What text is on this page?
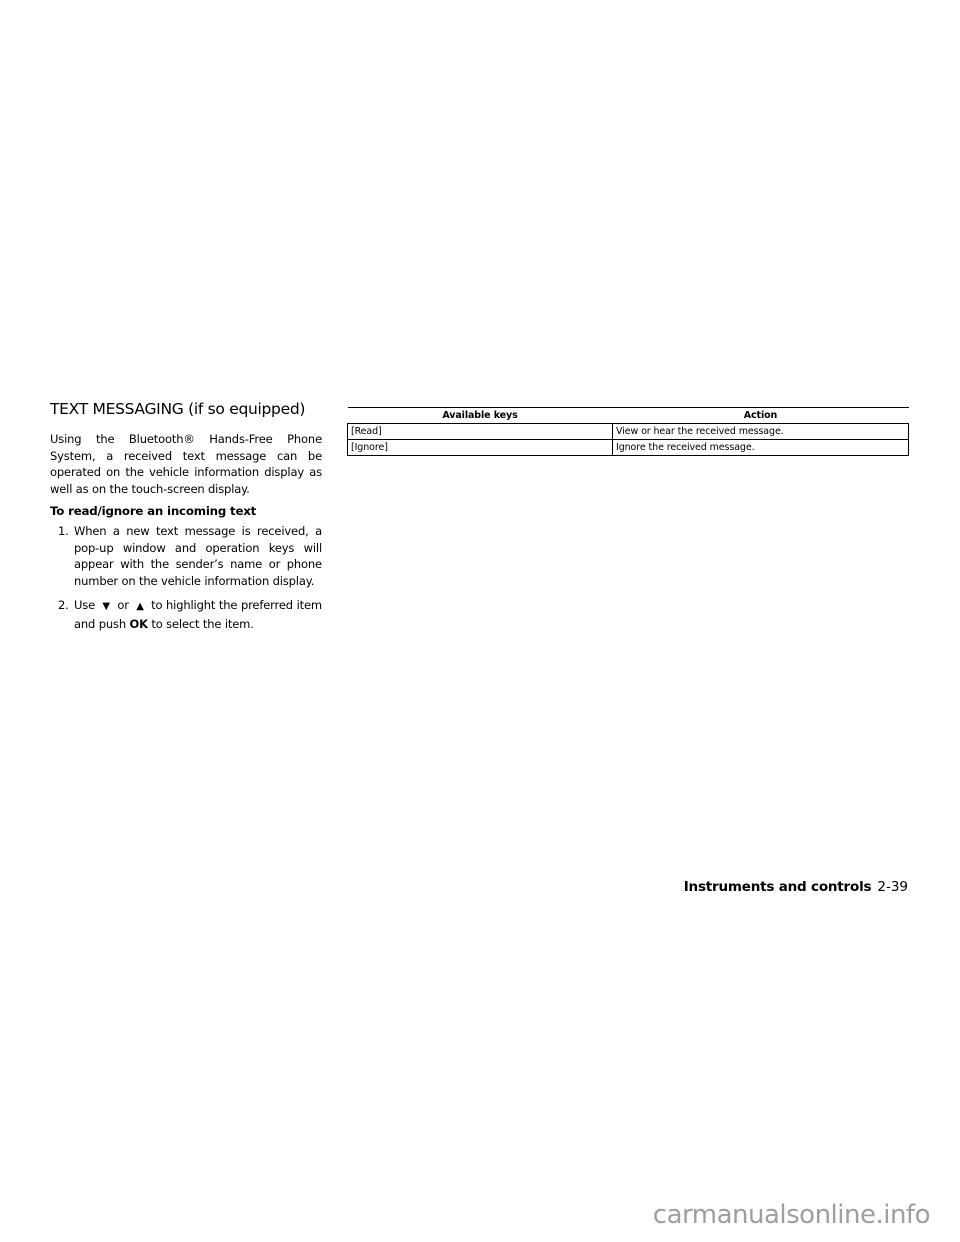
TEXT MESSAGING (if so equipped)

Using the Bluetooth® Hands-Free Phone System, a received text message can be operated on the vehicle information display as well as on the touch-screen display.

To read/ignore an incoming text
1. When a new text message is received, a pop-up window and operation keys will appear with the sender’s name or phone number on the vehicle information display.
2. Use ▼ or ▲ to highlight the preferred item and push OK to select the item.
Available keys	Action
[Read]	View or hear the received message.
[Ignore]	Ignore the received message.
Instruments and controls 2-39
carmanualsonline.info
